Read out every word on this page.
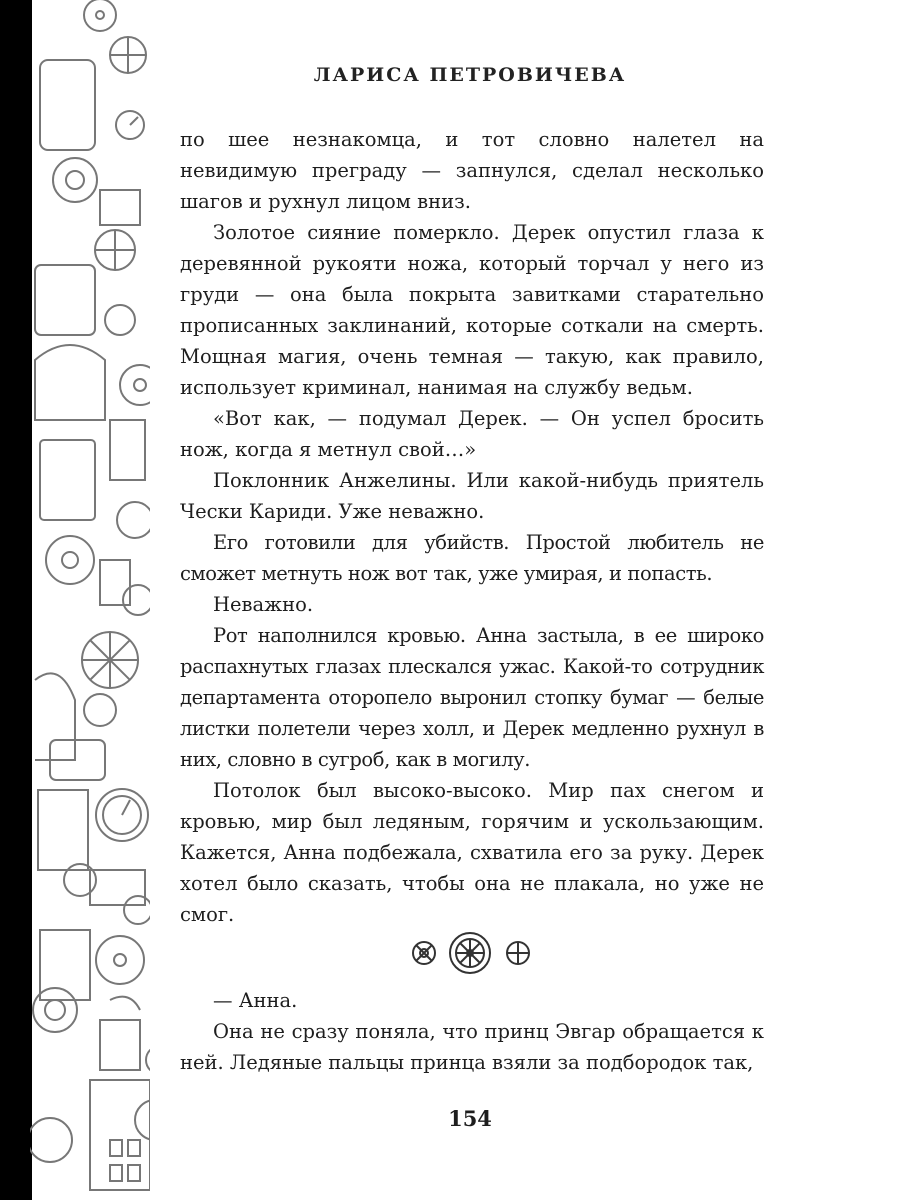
ЛАРИСА ПЕТРОВИЧЕВА

по шее незнакомца, и тот словно налетел на невидимую преграду — запнулся, сделал несколько шагов и рухнул лицом вниз.

Золотое сияние померкло. Дерек опустил глаза к деревянной рукояти ножа, который торчал у него из груди — она была покрыта завитками старательно прописанных заклинаний, которые соткали на смерть. Мощная магия, очень темная — такую, как правило, использует криминал, нанимая на службу ведьм.

«Вот как, — подумал Дерек. — Он успел бросить нож, когда я метнул свой…»

Поклонник Анжелины. Или какой-нибудь приятель Чески Кариди. Уже неважно.

Его готовили для убийств. Простой любитель не сможет метнуть нож вот так, уже умирая, и попасть.

Неважно.

Рот наполнился кровью. Анна застыла, в ее широко распахнутых глазах плескался ужас. Какой-то сотрудник департамента оторопело выронил стопку бумаг — белые листки полетели через холл, и Дерек медленно рухнул в них, словно в сугроб, как в могилу.

Потолок был высоко-высоко. Мир пах снегом и кровью, мир был ледяным, горячим и ускользающим. Кажется, Анна подбежала, схватила его за руку. Дерек хотел было сказать, чтобы она не плакала, но уже не смог.

— Анна.

Она не сразу поняла, что принц Эвгар обращается к ней. Ледяные пальцы принца взяли за подбородок так,

154
